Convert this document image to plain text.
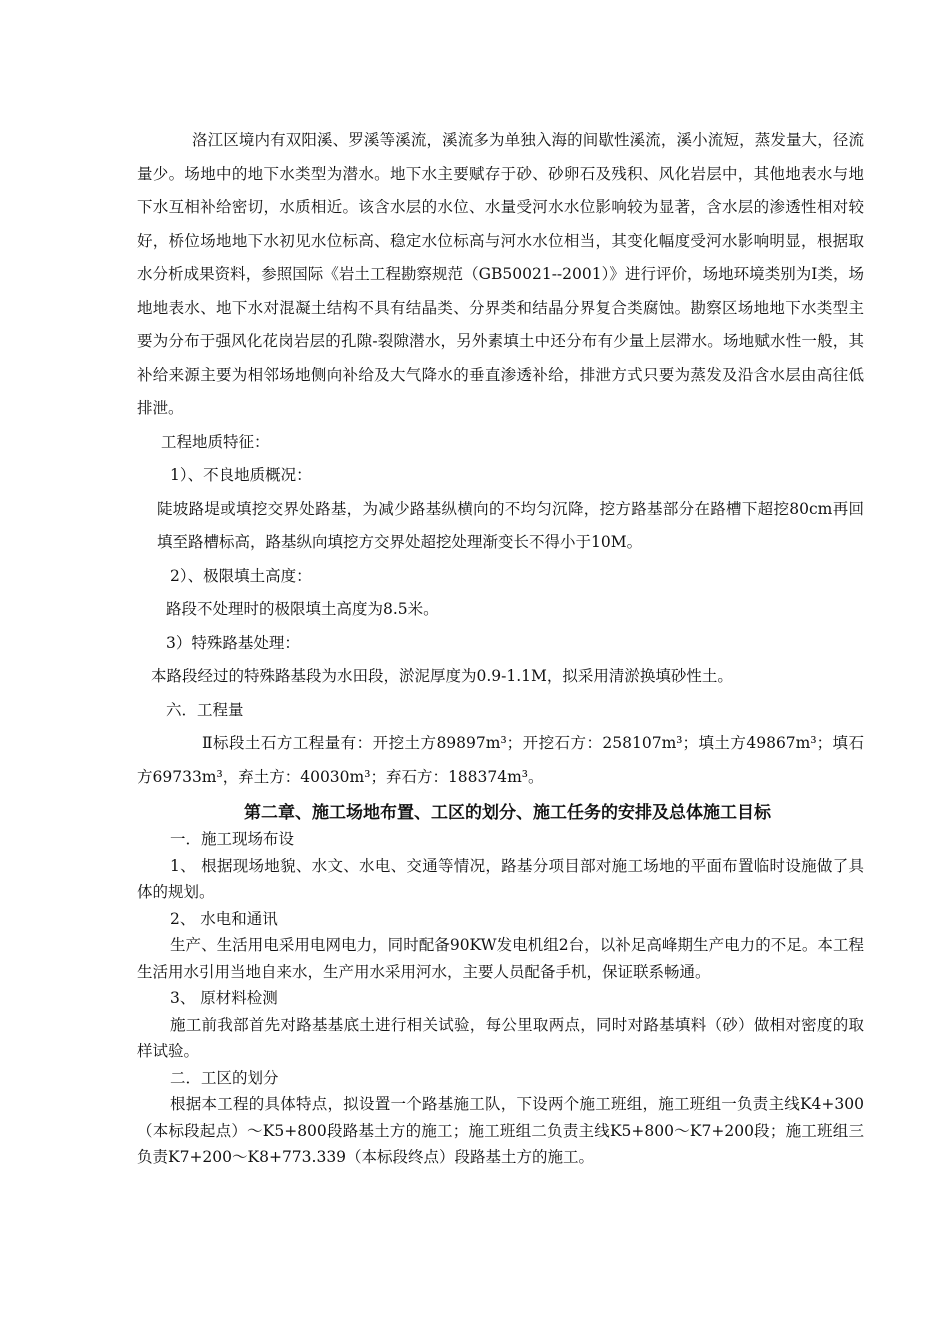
洛江区境内有双阳溪、罗溪等溪流，溪流多为单独入海的间歇性溪流，溪小流短，蒸发量大，径流量少。场地中的地下水类型为潜水。地下水主要赋存于砂、砂卵石及残积、风化岩层中，其他地表水与地下水互相补给密切，水质相近。该含水层的水位、水量受河水水位影响较为显著，含水层的渗透性相对较好，桥位场地地下水初见水位标高、稳定水位标高与河水水位相当，其变化幅度受河水影响明显，根据取水分析成果资料，参照国际《岩土工程勘察规范（GB50021--2001）》进行评价，场地环境类别为Ⅰ类，场地地表水、地下水对混凝土结构不具有结晶类、分界类和结晶分界复合类腐蚀。勘察区场地地下水类型主要为分布于强风化花岗岩层的孔隙-裂隙潜水，另外素填土中还分布有少量上层滞水。场地赋水性一般，其补给来源主要为相邻场地侧向补给及大气降水的垂直渗透补给，排泄方式只要为蒸发及沿含水层由高往低排泄。

工程地质特征：

1）、不良地质概况：

陡坡路堤或填挖交界处路基，为减少路基纵横向的不均匀沉降，挖方路基部分在路槽下超挖80cm再回填至路槽标高，路基纵向填挖方交界处超挖处理渐变长不得小于10M。

2）、极限填土高度：

路段不处理时的极限填土高度为8.5米。

3）特殊路基处理：

本路段经过的特殊路基段为水田段，淤泥厚度为0.9-1.1M，拟采用清淤换填砂性土。

六．工程量

Ⅱ标段土石方工程量有：开挖土方89897m³；开挖石方：258107m³；填土方49867m³；填石方69733m³，弃土方：40030m³；弃石方：188374m³。

第二章、施工场地布置、工区的划分、施工任务的安排及总体施工目标

一．施工现场布设

1、 根据现场地貌、水文、水电、交通等情况，路基分项目部对施工场地的平面布置临时设施做了具体的规划。

2、 水电和通讯

生产、生活用电采用电网电力，同时配备90KW发电机组2台，以补足高峰期生产电力的不足。本工程生活用水引用当地自来水，生产用水采用河水，主要人员配备手机，保证联系畅通。

3、 原材料检测

施工前我部首先对路基基底土进行相关试验，每公里取两点，同时对路基填料（砂）做相对密度的取样试验。

二．工区的划分

根据本工程的具体特点，拟设置一个路基施工队，下设两个施工班组，施工班组一负责主线K4+300（本标段起点）～K5+800段路基土方的施工；施工班组二负责主线K5+800～K7+200段；施工班组三负责K7+200～K8+773.339（本标段终点）段路基土方的施工。
